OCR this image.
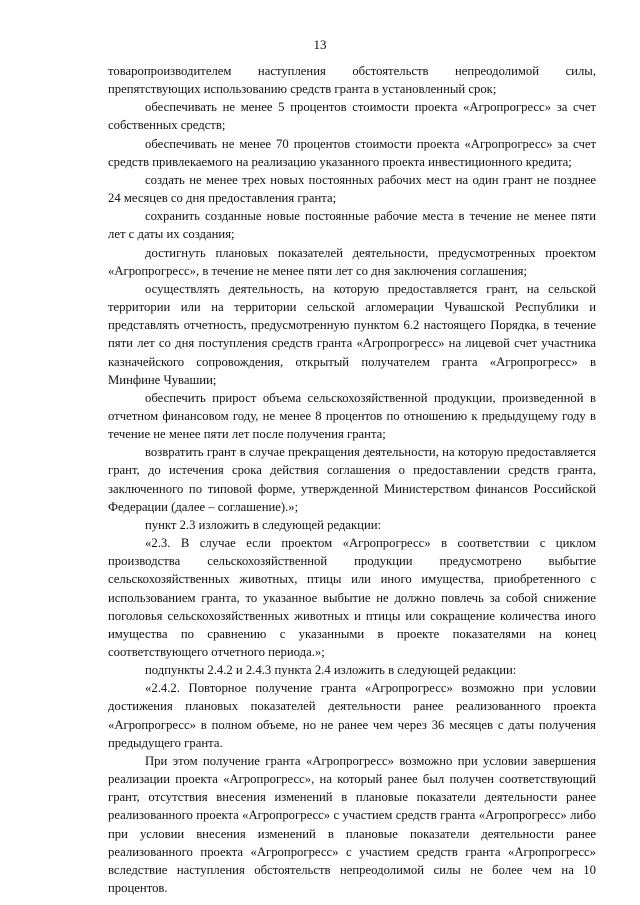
13

товаропроизводителем наступления обстоятельств непреодолимой силы, препятствующих использованию средств гранта в установленный срок;

обеспечивать не менее 5 процентов стоимости проекта «Агропрогресс» за счет собственных средств;

обеспечивать не менее 70 процентов стоимости проекта «Агропрогресс» за счет средств привлекаемого на реализацию указанного проекта инвестиционного кредита;

создать не менее трех новых постоянных рабочих мест на один грант не позднее 24 месяцев со дня предоставления гранта;

сохранить созданные новые постоянные рабочие места в течение не менее пяти лет с даты их создания;

достигнуть плановых показателей деятельности, предусмотренных проектом «Агропрогресс», в течение не менее пяти лет со дня заключения соглашения;

осуществлять деятельность, на которую предоставляется грант, на сельской территории или на территории сельской агломерации Чувашской Республики и представлять отчетность, предусмотренную пунктом 6.2 настоящего Порядка, в течение пяти лет со дня поступления средств гранта «Агропрогресс» на лицевой счет участника казначейского сопровождения, открытый получателем гранта «Агропрогресс» в Минфине Чувашии;

обеспечить прирост объема сельскохозяйственной продукции, произведенной в отчетном финансовом году, не менее 8 процентов по отношению к предыдущему году в течение не менее пяти лет после получения гранта;

возвратить грант в случае прекращения деятельности, на которую предоставляется грант, до истечения срока действия соглашения о предоставлении средств гранта, заключенного по типовой форме, утвержденной Министерством финансов Российской Федерации (далее – соглашение).»;

пункт 2.3 изложить в следующей редакции:

«2.3. В случае если проектом «Агропрогресс» в соответствии с циклом производства сельскохозяйственной продукции предусмотрено выбытие сельскохозяйственных животных, птицы или иного имущества, приобретенного с использованием гранта, то указанное выбытие не должно повлечь за собой снижение поголовья сельскохозяйственных животных и птицы или сокращение количества иного имущества по сравнению с указанными в проекте показателями на конец соответствующего отчетного периода.»;

подпункты 2.4.2 и 2.4.3 пункта 2.4 изложить в следующей редакции:

«2.4.2. Повторное получение гранта «Агропрогресс» возможно при условии достижения плановых показателей деятельности ранее реализованного проекта «Агропрогресс» в полном объеме, но не ранее чем через 36 месяцев с даты получения предыдущего гранта.

При этом получение гранта «Агропрогресс» возможно при условии завершения реализации проекта «Агропрогресс», на который ранее был получен соответствующий грант, отсутствия внесения изменений в плановые показатели деятельности ранее реализованного проекта «Агропрогресс» с участием средств гранта «Агропрогресс» либо при условии внесения изменений в плановые показатели деятельности ранее реализованного проекта «Агропрогресс» с участием средств гранта «Агропрогресс» вследствие наступления обстоятельств непреодолимой силы не более чем на 10 процентов.
